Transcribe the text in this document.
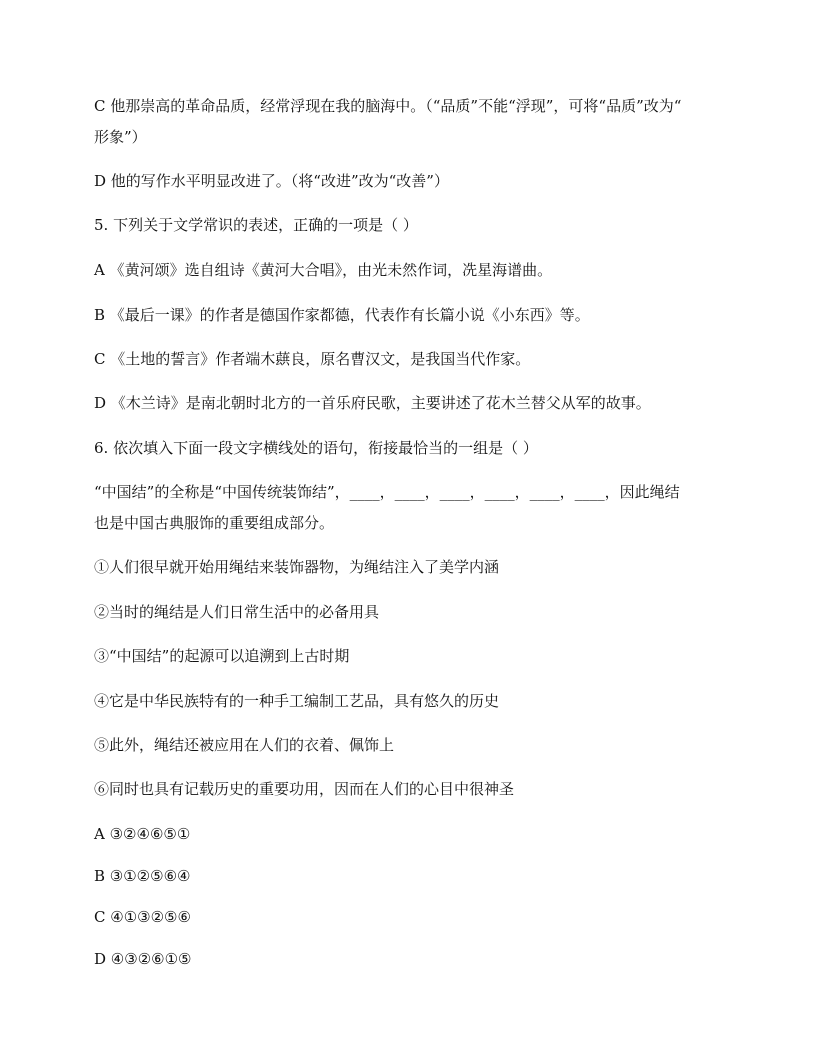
C 他那崇高的革命品质，经常浮现在我的脑海中。（“品质”不能“浮现”，可将“品质”改为“
形象”）
D 他的写作水平明显改进了。（将“改进”改为“改善”）
5. 下列关于文学常识的表述，正确的一项是（ ）
A 《黄河颂》选自组诗《黄河大合唱》，由光未然作词，冼星海谱曲。
B 《最后一课》的作者是德国作家都德，代表作有长篇小说《小东西》等。
C 《土地的誓言》作者端木蕻良，原名曹汉文，是我国当代作家。
D 《木兰诗》是南北朝时北方的一首乐府民歌，主要讲述了花木兰替父从军的故事。
6. 依次填入下面一段文字横线处的语句，衔接最恰当的一组是（ ）
“中国结”的全称是“中国传统装饰结”，____，____，____，____，____，____，因此绳结
也是中国古典服饰的重要组成部分。
①人们很早就开始用绳结来装饰器物，为绳结注入了美学内涵
②当时的绳结是人们日常生活中的必备用具
③“中国结”的起源可以追溯到上古时期
④它是中华民族特有的一种手工编制工艺品，具有悠久的历史
⑤此外，绳结还被应用在人们的衣着、佩饰上
⑥同时也具有记载历史的重要功用，因而在人们的心目中很神圣
A ③②④⑥⑤①
B ③①②⑤⑥④
C ④①③②⑤⑥
D ④③②⑥①⑤
